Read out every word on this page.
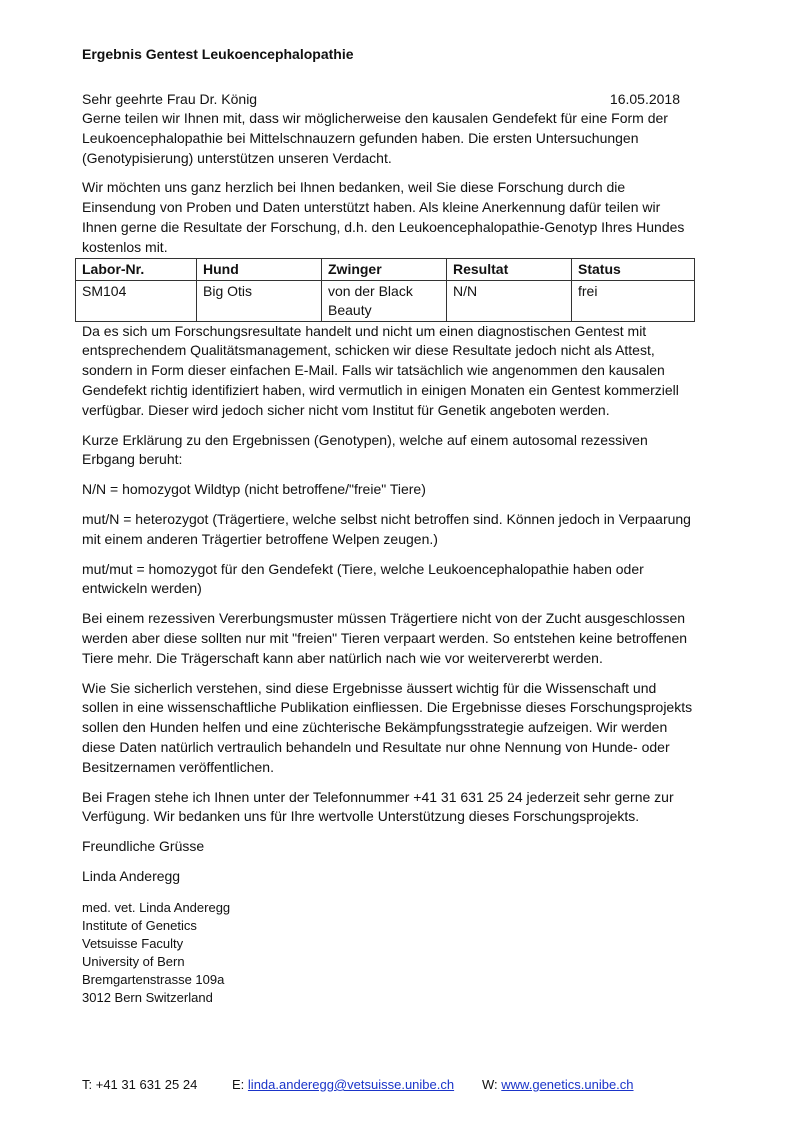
Ergebnis Gentest Leukoencephalopathie
Sehr geehrte Frau Dr. König	16.05.2018

Gerne teilen wir Ihnen mit, dass wir möglicherweise den kausalen Gendefekt für eine Form der Leukoencephalopathie bei Mittelschnauzern gefunden haben. Die ersten Untersuchungen (Genotypisierung) unterstützen unseren Verdacht.

Wir möchten uns ganz herzlich bei Ihnen bedanken, weil Sie diese Forschung durch die Einsendung von Proben und Daten unterstützt haben. Als kleine Anerkennung dafür teilen wir Ihnen gerne die Resultate der Forschung, d.h. den Leukoencephalopathie-Genotyp Ihres Hundes kostenlos mit.

Labor-Nr.	Hund	Zwinger	Resultat	Status
SM104	Big Otis	von der Black Beauty	N/N	frei

Da es sich um Forschungsresultate handelt und nicht um einen diagnostischen Gentest mit entsprechendem Qualitätsmanagement, schicken wir diese Resultate jedoch nicht als Attest, sondern in Form dieser einfachen E-Mail. Falls wir tatsächlich wie angenommen den kausalen Gendefekt richtig identifiziert haben, wird vermutlich in einigen Monaten ein Gentest kommerziell verfügbar. Dieser wird jedoch sicher nicht vom Institut für Genetik angeboten werden.

Kurze Erklärung zu den Ergebnissen (Genotypen), welche auf einem autosomal rezessiven Erbgang beruht:

N/N = homozygot Wildtyp (nicht betroffene/"freie" Tiere)

mut/N = heterozygot (Trägertiere, welche selbst nicht betroffen sind. Können jedoch in Verpaarung mit einem anderen Trägertier betroffene Welpen zeugen.)

mut/mut = homozygot für den Gendefekt (Tiere, welche Leukoencephalopathie haben oder entwickeln werden)

Bei einem rezessiven Vererbungsmuster müssen Trägertiere nicht von der Zucht ausgeschlossen werden aber diese sollten nur mit "freien" Tieren verpaart werden. So entstehen keine betroffenen Tiere mehr. Die Trägerschaft kann aber natürlich nach wie vor weitervererbt werden.

Wie Sie sicherlich verstehen, sind diese Ergebnisse äussert wichtig für die Wissenschaft und sollen in eine wissenschaftliche Publikation einfliessen. Die Ergebnisse dieses Forschungsprojekts sollen den Hunden helfen und eine züchterische Bekämpfungsstrategie aufzeigen. Wir werden diese Daten natürlich vertraulich behandeln und Resultate nur ohne Nennung von Hunde- oder Besitzernamen veröffentlichen.

Bei Fragen stehe ich Ihnen unter der Telefonnummer +41 31 631 25 24 jederzeit sehr gerne zur Verfügung. Wir bedanken uns für Ihre wertvolle Unterstützung dieses Forschungsprojekts.

Freundliche Grüsse

Linda Anderegg

med. vet. Linda Anderegg
Institute of Genetics
Vetsuisse Faculty
University of Bern
Bremgartenstrasse 109a
3012 Bern Switzerland
T: +41 31 631 25 24	E: linda.anderegg@vetsuisse.unibe.ch	W: www.genetics.unibe.ch
